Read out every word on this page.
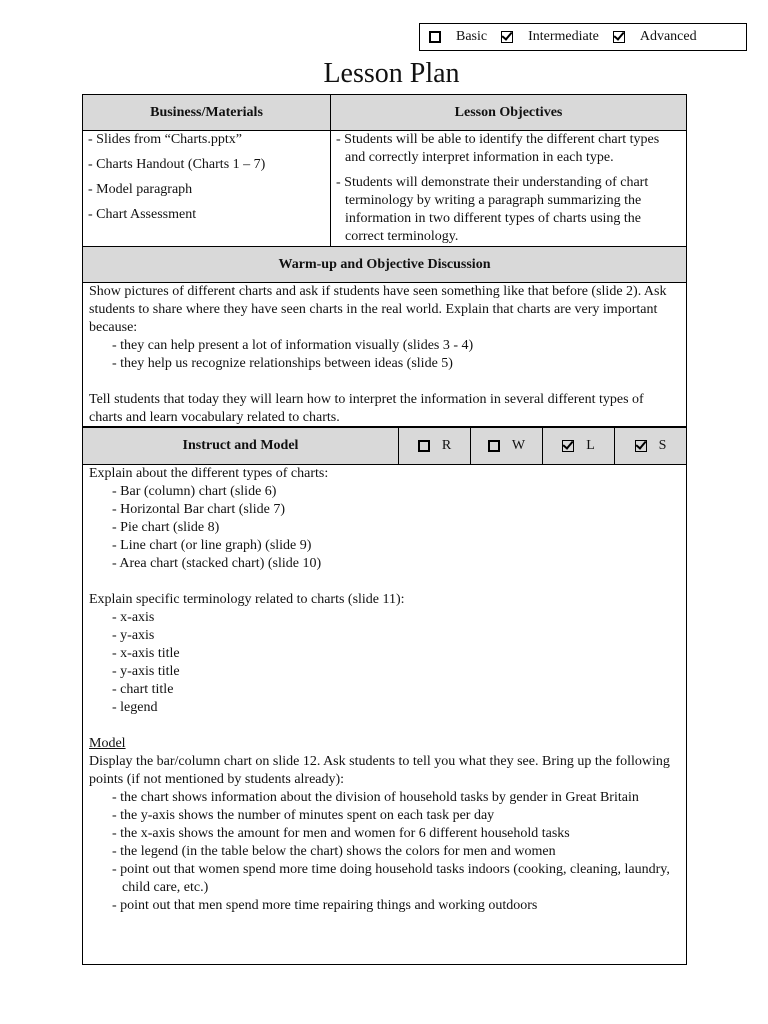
Basic	Intermediate	Advanced
Lesson Plan
Business/Materials	Lesson Objectives
- Slides from “Charts.pptx”
- Charts Handout (Charts 1 – 7)
- Model paragraph
- Chart Assessment

- Students will be able to identify the different chart types and correctly interpret information in each type.

- Students will demonstrate their understanding of chart terminology by writing a paragraph summarizing the information in two different types of charts using the correct terminology.

Warm-up and Objective Discussion

Show pictures of different charts and ask if students have seen something like that before (slide 2). Ask students to share where they have seen charts in the real world. Explain that charts are very important because:

- they can help present a lot of information visually (slides 3 - 4)

- they help us recognize relationships between ideas (slide 5)

Tell students that today they will learn how to interpret the information in several different types of charts and learn vocabulary related to charts.

Instruct and Model	R	W	L	S

Explain about the different types of charts:

- Bar (column) chart (slide 6)

- Horizontal Bar chart (slide 7)

- Pie chart (slide 8)

- Line chart (or line graph) (slide 9)

- Area chart (stacked chart) (slide 10)

Explain specific terminology related to charts (slide 11):

- x-axis

- y-axis

- x-axis title

- y-axis title

- chart title

- legend

Model

Display the bar/column chart on slide 12. Ask students to tell you what they see. Bring up the following points (if not mentioned by students already):

- the chart shows information about the division of household tasks by gender in Great Britain

- the y-axis shows the number of minutes spent on each task per day

- the x-axis shows the amount for men and women for 6 different household tasks

- the legend (in the table below the chart) shows the colors for men and women

- point out that women spend more time doing household tasks indoors (cooking, cleaning, laundry, child care, etc.)

- point out that men spend more time repairing things and working outdoors
